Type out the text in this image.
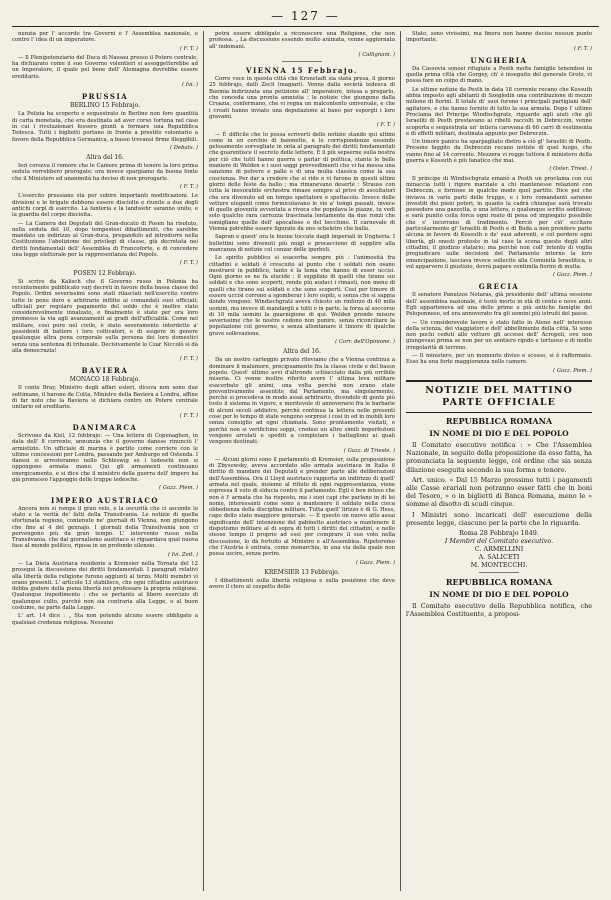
— 127 —

nunzia per l' accordo tra Governi e l' Assemblea nazionale, e contro l' idea di un imperatore.

( F. T. )

— Il Plenipotenziario del Duca di Nassau presso il Potere centrale, ha dichiarato come il suo Governo volentieri si assoggetterebbe ad un Imperatore, il quale pel bene dell' Alemagna dovrebbe essere ereditario.

( Ivi. )
PRUSSIA
BERLINO 15 Febbrajo.

La Polizia ha scoperto e sequestrato in Berlino non fore quantità di carta monetata, che era destinata ad aver corso fortuna nel caso in cui i rivoluzionari fossero giunti a formare una Repubblica Tedesca. Tutti i biglietti portano in fronte a prestito volontario a favore della Repubblica Germanica, a basso trovansi firme illeggibili.

( Debats. )
Altra del 16.

Ieri corseva il rumore che le Camere prima di tenere la loro prima seduta verrebbero prorogate; ora invece spargiamo da buona fonte che il Ministero ed unanimità ha deciso di non prorogarle.

( F. T. )

L'esercito prussiano sta per subire importanti modificazioni. Le divisioni e le brigate debbono essere disciolte e riunite a due degli antichi corpi di esercito. La fanteria e la landwehr saranno unite, e la guardia del corpo disciolta.

— La Camera dei Deputati del Gran-ducato di Posen ha risoluto, nella seduta del 10, dopo tempestosi dibattimenti, che sarebbe mandato un indirizzo al Gran-duca, pregandolo ad introdurre nella Costituzione l'abolizione dei privilegi di classe, già decretata nei diritti fondamentali dell' Assemblea di Francoforte, e di concedere una legge elettorale per la rappresentanza del Popolo.

( F. T. )
POSEN 12 Febbrajo.

Si scrive da Kalisch che il Governo russo in Polonia ha recentemente pubblicato varj decreti in favore della bassa classe del Popolo. Ordini severissimi sono stati rilasciati nell'esercito contro tutte le pene duro e arbitrarie inflitte ai comandati suoi ufficiali; ufficiali per regolare pagamento del soldo che è inoltre stato considerevolmente innalzato, e finalmente è stato per ora loro promesso la via agli avanzamenti ai gradi dell'ufficialità. Come nel militare, così pure nel civile, è stato severamente interdetto a' possidenti di battere i loro coltivatori, e di esigere in genere qualunque altra pena corporale sulla persona dei loro domestici senza una sentenza di tribunale. Decisivamente lo Czar Niccolò si dà alla democrazia!

( F. T. )
BAVIERA
MONACO 18 Febbrajo.

Il conte Bray, Ministro degli affari esteri, diceva non sono due settimane, il barone de Cotta, Ministro della Baviera a Londra, affine di far noto che la Baviera si dichiara contro un Potere centrale unitario ed ereditario.

( F. T. )
DANIMARCA

Scrivono da Kiel, 12 febbrajo: — Una lettera di Copenaghen, in data dell' 8 corrente, annunzia che il governo danese rinunciò l' armistizio. Un ufficiale di marina è partito come corriere con le ultime concessioni per Londra, passando per Amburgo ed Ostenda. I danesi si arresteranno nello Schleswig se i tedeschi non si oppongono armata mano. Quì gli armamenti continuano energicamente, e si dice che il ministro della guerra dell' impero ha già promesso l'appoggio delle truppe tedesche.

( Gazz. Piem. )
IMPERO AUSTRIACO

Ancora non si rompe il gran velo, e la oscurità che ci asconde lo stato e la verità de' fatti della Transilvania. Le notizie di quella sfortunata regione, contenute ne' giornali di Vienna, non giungono che fino al 4 del gennajo. I giornali della Transilvania non ci pervengono più da gran tempo. L' intervento russo nella Transilvania, che dal giornalismo austriaco si riguardava qual nuova fase al mondo politico, riposa in un profondo silenzio.

( Ivi. Zeit. )

— La Dieta Austriaca residente a Kremsier nella Tornata del 12 proseguì la discussione dei diritti fondamentali. I paragrafi relativi alla libertà della religione furono aggiunti al terzo. Molti membri vi erano presenti. L' articolo 13 stabilisce, che ogni cittadino austriaco debba godere della piena libertà nel professare la propria religione. Qualunque impedimento ; che se pertanto al libero esercizio di qualunque culto, purché non sia contraria alla Legge, o al buon costume, ne parte dalla Legge.

L' art. 14 dice : „ Sta non potendo alcuno essere obbligato a qualsiasi credenza religiosa. Nessuno

potrà essere obbligato a riconoscere una Religione, che non professa. „ La discussione essendo molto animata, venne aggiornata all' indomani.

( Callignani. )
VIENNA 15 Febbrajo.

Corre voce in questa città che Kronstadt sia stata presa, il giorno 25 febbrajo, dalli Zecli (magiari). Venne dalla società tedesca di Boemia indirizzata una petizione all' imperatore, intesa a pregarlo, che conceda una pronta amnistia : le notizie che giungono dalla Croazia, confermano, che vi regna un malcontento universale, e che i croati hanno inviato una deputazione al bano per esporgli i loro gravami.

( F. T. )

— È difficile che lo possa scriverti delle notizie stando qui ultimi come in un cerchio di baionette, e le corrispondenze essendo gelosamente sorvegliate in onta al paragrafo dei diritti fondamentali che guarentisce il secreto delle lettere. È il più sepserne sulla nostra per ciò che tutti hanno guerra o parlar di politica, stante le belle maniere di Welden e i suoi saggi provvedimenti che vi ha messa una sanzione di polvere e palle e di una mulia classica come la sua coscienza. Per dar a credere che si ride e vi furono in questi ultimi giorni delle feste da ballo ; ma rimanevano deserte : Strauss con tutta la inesorabile orchestra rimase sempre al privo di ascoltatori che era divenuto ad un tempo spettatore e spettacolo. Invece delle vetture eleganti come formicolavano le vie a' tempi passati, invece di quelle gioventù avventata a rivoca che popolava le piazze, tu vedi solo qualche rara carrozza trascinata lentamente da due ronzi che somigliano quelle dell' apocalisse o del becchino. Il carnevale di Vienna potrebbe essere figurato da uno scheletro che balla.

Sapran e quest' ora le buone toccate dagli imperiali in Ungheria. I bullettini sono divenuti più mogi e procaccieno di supplire alla mancanza di notizie col conzar delle iperboli.

Lo spirito pubblico si esacerba sempre più : l'animosità fra cittadini e soldati è cresciuto al punto che i soldati non osano mostrarsi in pubblico, tanto è la tema che hanno di esser uccisi. Ogni giorno se ne fa elucide ; il supplizio di quelli che tirano sui soldati e che sono scoperti, rende più audaci i rimasti, non meno di quelli che tirano sui soldati e che sono scoperti. Così per timore di essere uccisi corrono a sgomberar i loro ospiti, e senza che si sappia dondo vengono. Windischgratz aveva chiesto un rinforzo di 40 mila uomini, ma invece di mandargli a tutti o in parte, la forza al soccorso di 10 mila uomini la guarnigione di qui. Welden prende misure severissime che le nostre cedono non punire, senza riconciliare la popolazione col governo, e senza allontanare il timore di qualche grave sollevazione.

( Corr. dell'Opinione. )
Altra del 16.

Da un nostro carteggio privato rileviamo che a Vienna continua a dominare il malumore, precipuamente fra la classe civile e del basso popolo. Quest' ultimo avvi d'altronde schiacciato dalla più orribile miseria. Ci venne inoltre riferito avere l' ultima leva militare esacerbato gli animi, una volta perchè non erano state preventivamente assentite dal Parlamento, ma singolarmente, perchè si procedeva in modo assai arbitrario, dicendolo di gente più tosto il sistema in vigore, e meritevole di annoverarsi fra le barbarie di alcuni secoli addietro, perchè continua la lettera nelle presenti cose per lo tempo di state vengono sorpresi i cosi in ed in mobili loro senza consiglio ad ogni chiamata. Sono prontamente visitati, e perchè non si verifichino soppi, credesi un altre simili imperfezioni vengono arrolati e spediti a completare i battaglioni ai quali vengono destinati.

( Gazz. di Trieste. )

— Alcuni giorni sono il parlamento di Kremsier, sulla proposizione di Zbysewsky, aveva accordato allo armata austriaca in Italia il diritto di mandare dei Deputati e prender parte alle deliberazioni dell'Assemblea. Ora il Lloyd austriaco rapporta un indirizzo di quell' armata nel quale, insieme al rifiuto di ogni rappresentanza, viene espressa il voto di slducia contro il parlamento. Egli è ben inteso che non è l' armata che ha risposto, ma i suoi capi che parlano in di lei nome, interessanti come sono a mantenere il soldato nella cieca obbedienza della disciplina militare. Tutta quell' lirizzo è di G. Hess, capo dello stato maggiore generale. — È questo un nuovo atto assai significante dell' intenzione del gabinetto austriaco a mantenere il dispotismo militare al di sopra di tutti i diritti dei cittadini, e nello stesso tempo il proprio ad essi per comprare il suo voto nella discussione, lo dà fortuito al Ministro e all'Assemblea. Ripeteremo che l'Austria è entrata, come monarchia, in una via dalla quale non possa uscire, senza perire.

( Gazz. Piem. )
KREMSIER 13 Febbrajo.

I dibattimenti sulla libertà religiosa e sulla posizione che deve avere il clero al cospetto dello

Stato, sono vivissimi, ma finora non hanno deciso nessun punto importante.

( F. T. )
UNGHERIA

Da Cassovia sonosi rifugiate a Pesth molte famiglie tenendosi in quella prima città che Gorgey, ch' è inseguito del generale Grotz, vi possa fare un colpo di mano.

Le ultime notizie da Pesth in data 18 corrente recano che Kossuth abbia imposto agli abitanti di Szegledin una contribuzione di mezzo milione di fiorini. Il totale di' suoi furono i principali partigiani dell' agitatore, e che hanno fornito di tutto la sua armata. Dopo l' ultimo Proclama del Principe Windischgratz, riguardo agli aiuti che gli Israeliti di Pesth prestavano ai ribelli raccolti in Debreczin, venne scoperta e sequestrata un' intiera carovana di 60 carri di vestimenta e di effetti militari, destinata appunto per Debreczin.

Un timore panico ha sparpagliato dietro a ciò gl' Israeliti di Pesth. Presono faggito da Debreczin recano notizie di quel luogo, che vanno fino al 14 corrente. Mezzera vi regge tuttora il ministero della guerra e Kossuth è più fanatico che mai.

( Oster. Triest. )

Il principe di Windischgratz emanò a Pesth un proclama con cui minaccia tutti i rigore marziale a chi mantenesse relazioni con Debreczin, e fornisse in qualche modo quel partito. Dice poi che inviava in varie parti delle truppe, e i loro comandanti saranno investiti dei pieni poteri, in quanto la cadrà chiunque sarà trovato possedere una gazzetta, o una lettera, o qualunque scritto seditioso; e sarà punito colla forca ogni reato di pena od impiegato possibile che s' incorrano di tradimento. Perciò per ciò' eccitare particolarmente gl' Israeliti di Pesth e di Buda a non prendere parte alcuna in favore di Kossuth e de' suoi aderenti, e col perdere ogni libertà, gli onesti proteste in tal caso la scena queste degli altri cittadini, il giudizio statario; ma perchè non coll' intento di voglia pregiudicare sulle decisioni del Parlamento intorno la loro emancipazione, lasciava invece sollecito alla Comunità Israelitica, o vol apparvero il giustizio, dovrà pagare ventimila fiorini di multa.

( Gazz. Piem. )
GRECIA

Il senatore Panutzos Notaras, già presidente dell' ultima sessione dell' assemblea nazionale, è testè morto in età di cento e nove anni. Egli apparteneva ad una delle prime e più antiche famiglie del Peloponneso, ed era annoverato fra gli uomini più istruiti del paese.

— Un considerevole lavoro è stato fatto in Atene nell' interesse della scienza, dei viaggiatori e dell' abbellimento della città. Si sono non pochi ceduti alle vetture gli accessi dell' Acropoli, ove non giungevasi prima se non per un sentiero ripido e tortuoso e di molte irregolarità di terreno.

— Il ministero, per un momento diviso e scosso, si è raffermato. Esso ha una forte maggioranza nelle camere.

( Gazz. Piem. )
NOTIZIE DEL MATTINO
PARTE OFFICIALE
REPUBBLICA ROMANA
IN NOME DI DIO E DEL POPOLO

Il Comitato esecutivo notifica : » Che l'Assemblea Nazionale, in seguito della proposizione da esso fatta, ha pronunciata la seguente legge, col ordine che sia senza dilazione eseguita secondo la sua forma e tenore.

Art. unico. » Dal 15 Marzo prossimo tutti i pagamenti alle Casse erariali non potranno esser fatti che in boni del Tesoro, » o in biglietti di Banca Romana, meno le » somme al disotto di scudi cinque.

I Ministri sono incaricati dell' esecuzione della presente legge, ciascuno per la parte che lo riguarda.

Roma 28 Febbrajo 1849.
I Membri del Comitato esecutivo.
C. ARMELLINI
A. SALICETI
M. MONTECCHI.
REPUBBLICA ROMANA
IN NOME DI DIO E DEL POPOLO

Il Comitato esecutivo della Repubblica notifica, che l'Assemblea Costituente, a proposi-
